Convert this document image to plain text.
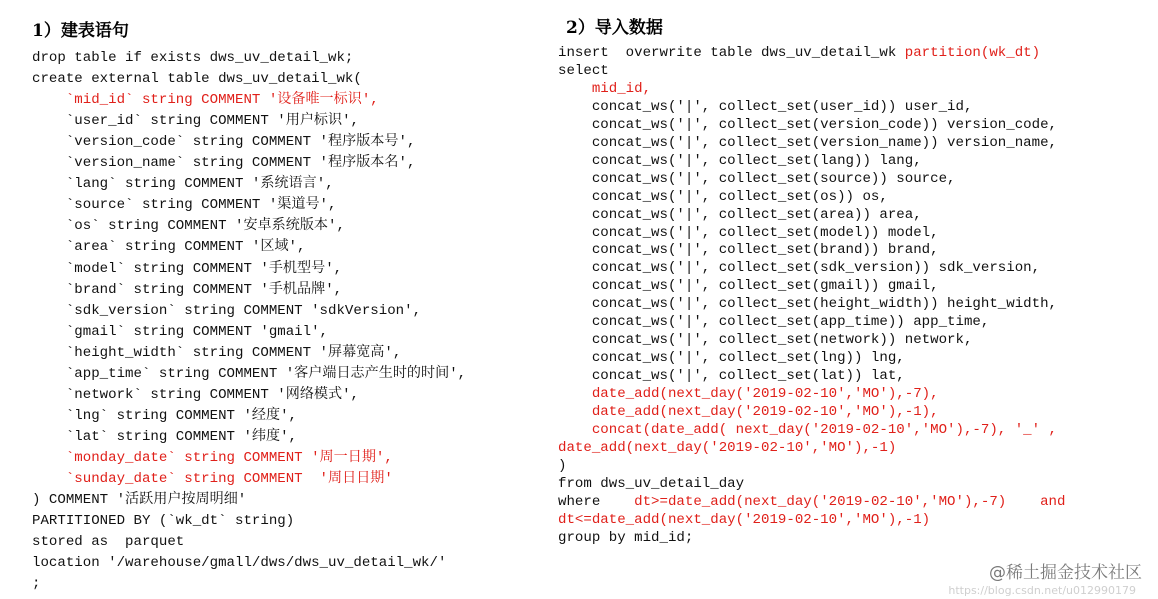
1）建表语句
drop table if exists dws_uv_detail_wk;
create external table dws_uv_detail_wk(
`mid_id` string COMMENT '设备唯一标识',
`user_id` string COMMENT '用户标识',
`version_code` string COMMENT '程序版本号',
`version_name` string COMMENT '程序版本名',
`lang` string COMMENT '系统语言',
`source` string COMMENT '渠道号',
`os` string COMMENT '安卓系统版本',
`area` string COMMENT '区域',
`model` string COMMENT '手机型号',
`brand` string COMMENT '手机品牌',
`sdk_version` string COMMENT 'sdkVersion',
`gmail` string COMMENT 'gmail',
`height_width` string COMMENT '屏幕宽高',
`app_time` string COMMENT '客户端日志产生时的时间',
`network` string COMMENT '网络模式',
`lng` string COMMENT '经度',
`lat` string COMMENT '纬度',
`monday_date` string COMMENT '周一日期',
`sunday_date` string COMMENT  '周日日期'
) COMMENT '活跃用户按周明细'
PARTITIONED BY (`wk_dt` string)
stored as  parquet
location '/warehouse/gmall/dws/dws_uv_detail_wk/'
;
2）导入数据
insert  overwrite table dws_uv_detail_wk partition(wk_dt)
select
mid_id,
concat_ws('|', collect_set(user_id)) user_id,
concat_ws('|', collect_set(version_code)) version_code,
concat_ws('|', collect_set(version_name)) version_name,
concat_ws('|', collect_set(lang)) lang,
concat_ws('|', collect_set(source)) source,
concat_ws('|', collect_set(os)) os,
concat_ws('|', collect_set(area)) area,
concat_ws('|', collect_set(model)) model,
concat_ws('|', collect_set(brand)) brand,
concat_ws('|', collect_set(sdk_version)) sdk_version,
concat_ws('|', collect_set(gmail)) gmail,
concat_ws('|', collect_set(height_width)) height_width,
concat_ws('|', collect_set(app_time)) app_time,
concat_ws('|', collect_set(network)) network,
concat_ws('|', collect_set(lng)) lng,
concat_ws('|', collect_set(lat)) lat,
date_add(next_day('2019-02-10','MO'),-7),
date_add(next_day('2019-02-10','MO'),-1),
concat(date_add( next_day('2019-02-10','MO'),-7), '_' ,
date_add(next_day('2019-02-10','MO'),-1)
)
from dws_uv_detail_day
where    dt>=date_add(next_day('2019-02-10','MO'),-7)    and
dt<=date_add(next_day('2019-02-10','MO'),-1)
group by mid_id;
https://blog.csdn.net/u012990179
@稀土掘金技术社区
